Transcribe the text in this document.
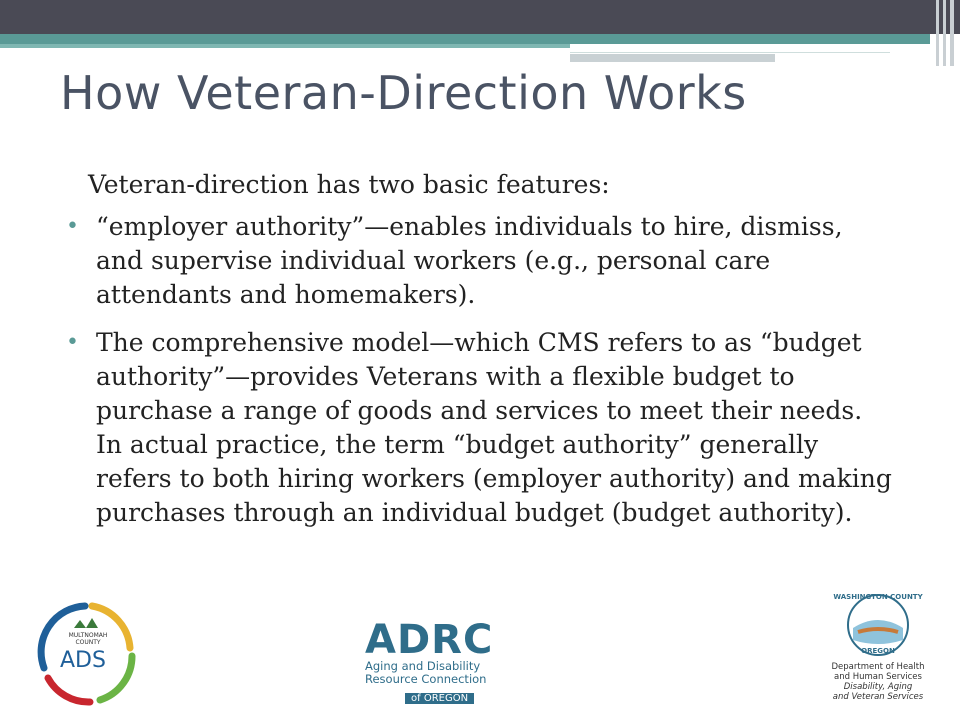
How Veteran-Direction Works
Veteran-direction has two basic features:
• “employer authority”—enables individuals to hire, dismiss, and supervise individual workers (e.g., personal care attendants and homemakers).
• The comprehensive model—which CMS refers to as “budget authority”—provides Veterans with a flexible budget to purchase a range of goods and services to meet their needs. In actual practice, the term “budget authority” generally refers to both hiring workers (employer authority) and making purchases through an individual budget (budget authority).
MULTNOMAH COUNTY
ADS	ADRC
Aging and Disability
Resource Connection
of OREGON
WASHINGTON COUNTY
OREGON
Department of Health
and Human Services
Disability, Aging
and Veteran Services
